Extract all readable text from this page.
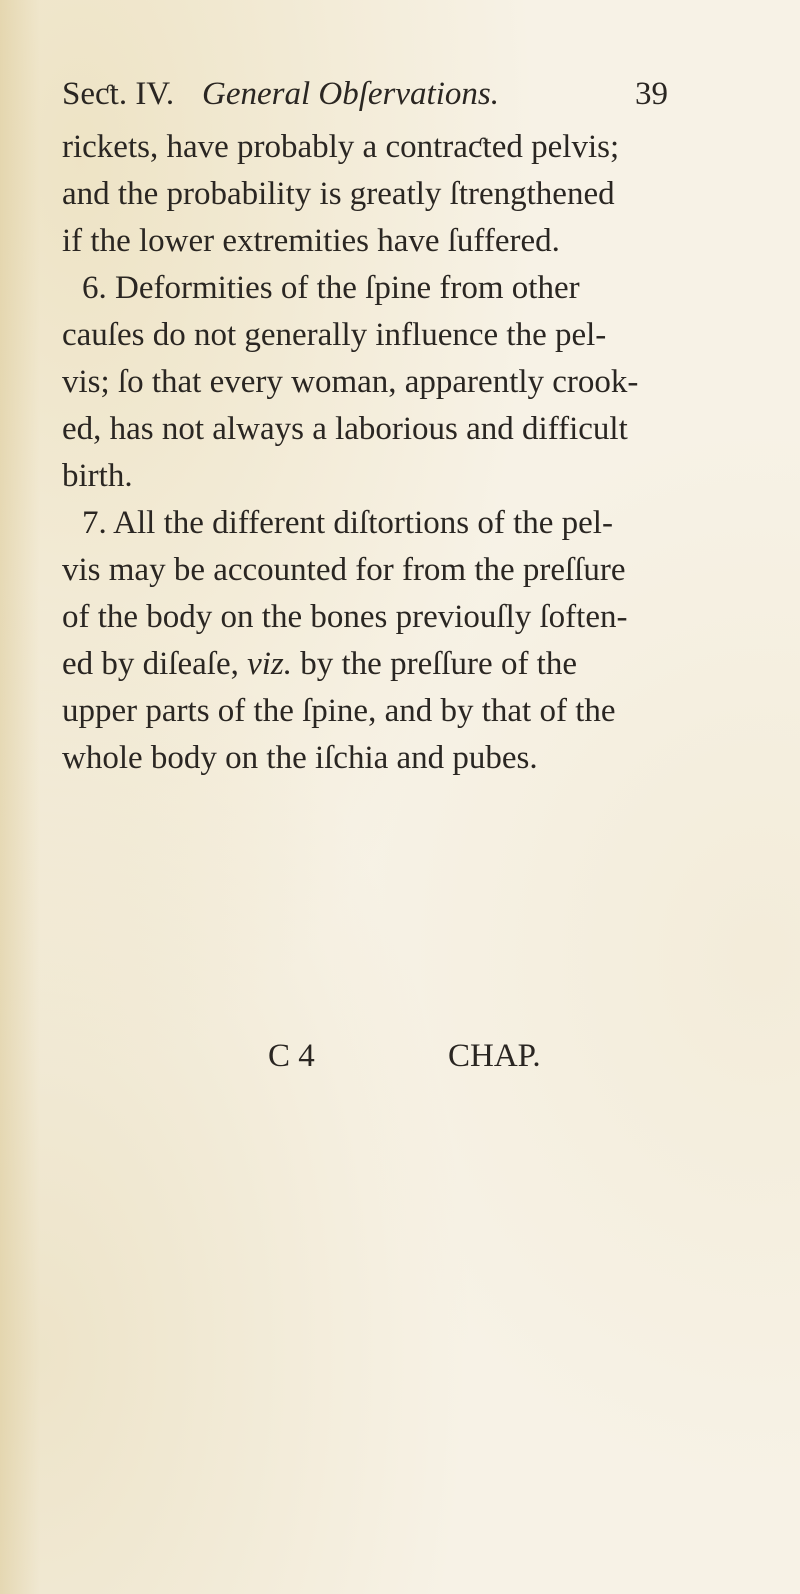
Seƈt. IV. General Obſervations.	39
rickets, have probably a contraƈted pelvis;
and the probability is greatly ſtrengthened
if the lower extremities have ſuffered.
6. Deformities of the ſpine from other
cauſes do not generally influence the pel-
vis; ſo that every woman, apparently crook-
ed, has not always a laborious and difficult
birth.
7. All the different diſtortions of the pel-
vis may be accounted for from the preſſure
of the body on the bones previouſly ſoften-
ed by diſeaſe, viz. by the preſſure of the
upper parts of the ſpine, and by that of the
whole body on the iſchia and pubes.
C 4	CHAP.
